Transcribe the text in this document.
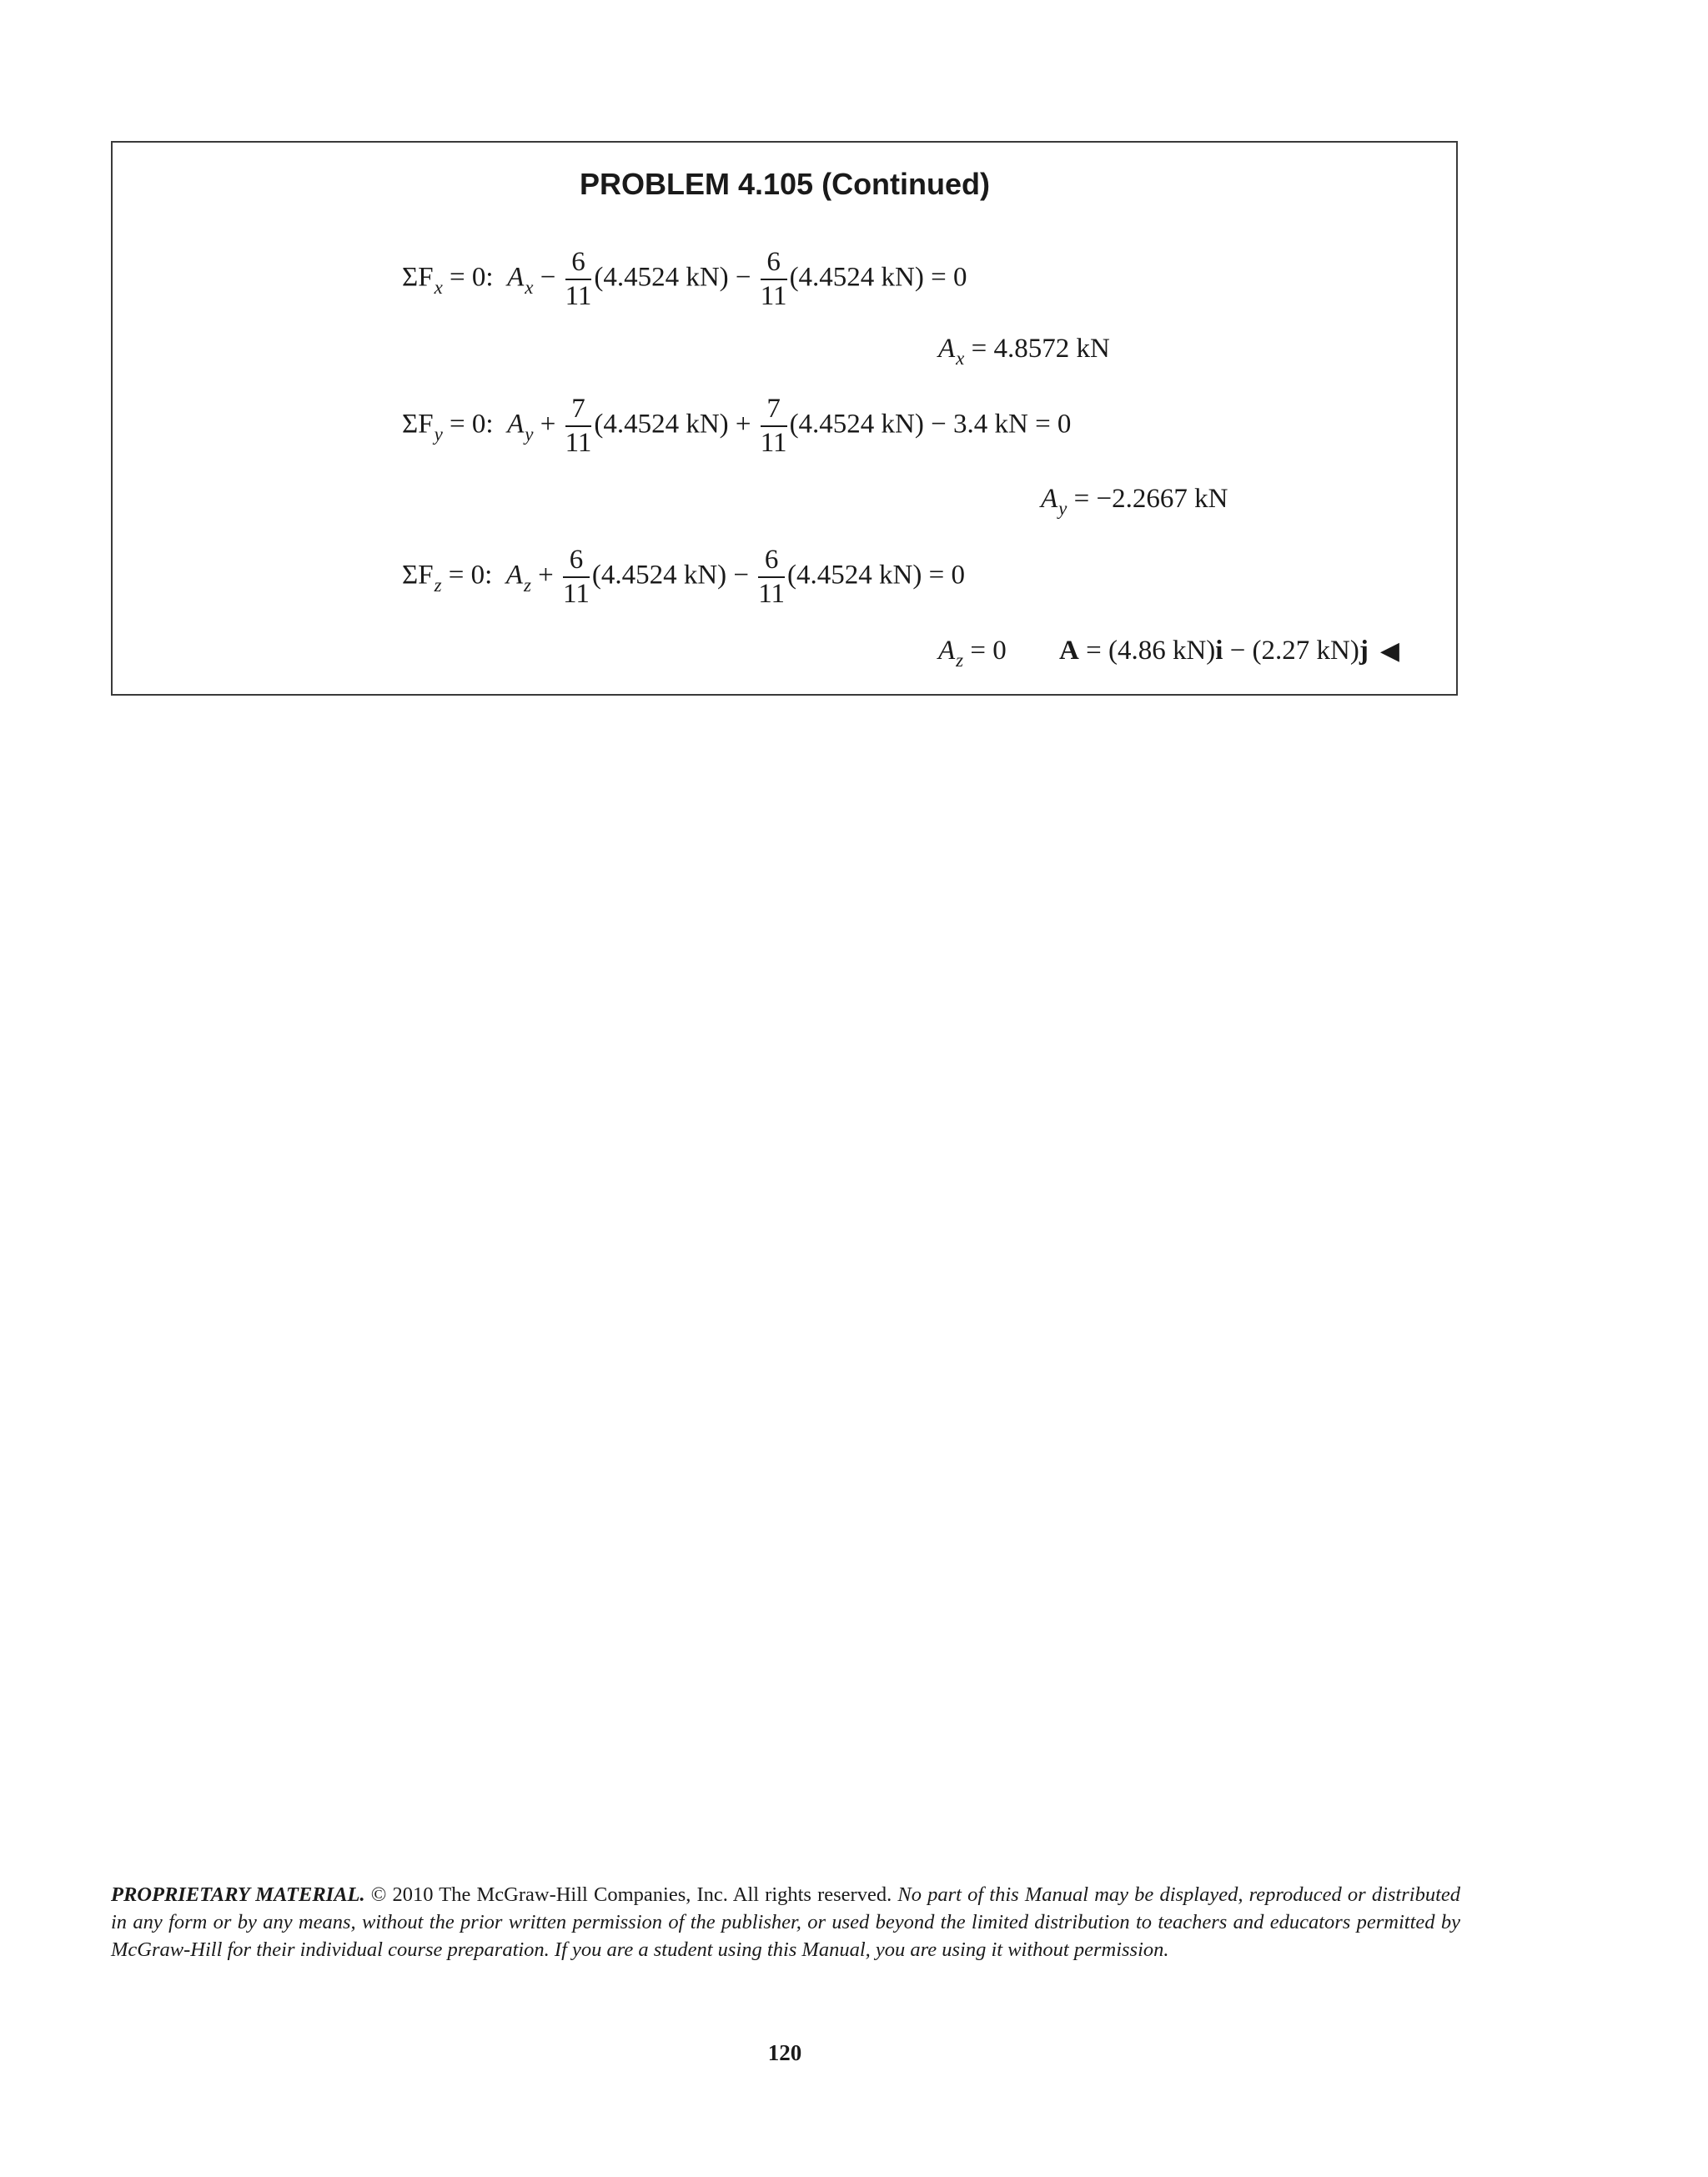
PROBLEM 4.105 (Continued)
$\Sigma F_x = 0$: $A_x - \frac{6}{11} (4.4524$ $kN) - \frac{6}{11} (4.4524$ kN) = 0
$A_x = 4.8572$ kN
$\Sigma F_y = 0$: $A_y + \frac{7}{11} (4.4524$ $kN) + \frac{7}{11} (4.4524$ kN) − 3.4 kN = 0
$A_y = -2.2667$ kN
$\Sigma F_z = 0$: $A_z + \frac{6}{11} (4.4524$ $kN) - \frac{6}{11} (4.4524$ kN) = 0
$A_z = 0$ A = (4.86 kN)i − (2.27 kN)j ◀
PROPRIETARY MATERIAL. © 2010 The McGraw-Hill Companies, Inc. All rights reserved. No part of this Manual may be displayed, reproduced or distributed in any form or by any means, without the prior written permission of the publisher, or used beyond the limited distribution to teachers and educators permitted by McGraw-Hill for their individual course preparation. If you are a student using this Manual, you are using it without permission.
120
